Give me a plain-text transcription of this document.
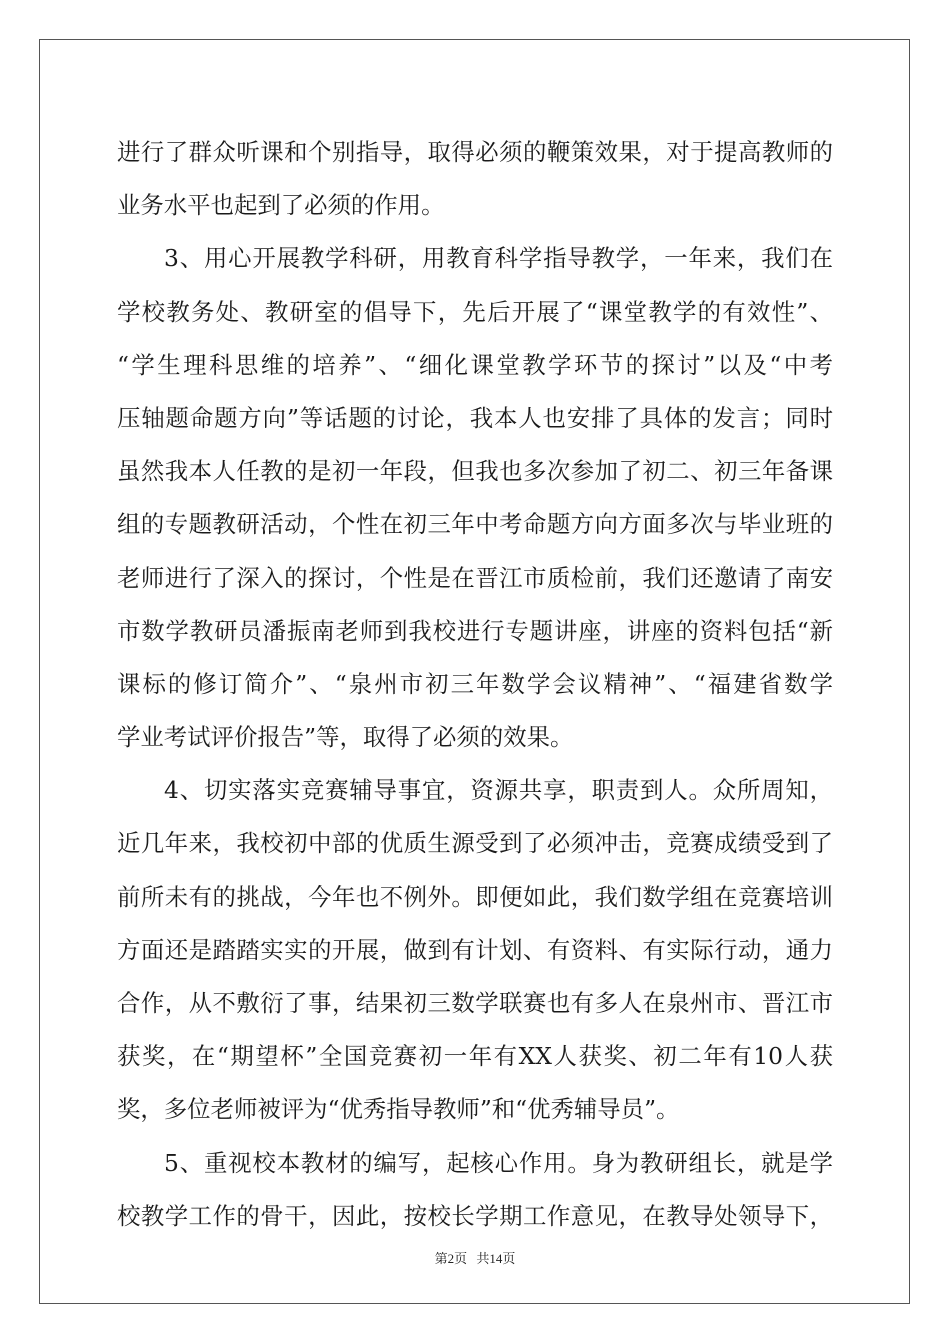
进行了群众听课和个别指导，取得必须的鞭策效果，对于提高教师的
业务水平也起到了必须的作用。
3、用心开展教学科研，用教育科学指导教学，一年来，我们在
学校教务处、教研室的倡导下，先后开展了“课堂教学的有效性”、
“学生理科思维的培养”、“细化课堂教学环节的探讨”以及“中考
压轴题命题方向”等话题的讨论，我本人也安排了具体的发言；同时
虽然我本人任教的是初一年段，但我也多次参加了初二、初三年备课
组的专题教研活动，个性在初三年中考命题方向方面多次与毕业班的
老师进行了深入的探讨，个性是在晋江市质检前，我们还邀请了南安
市数学教研员潘振南老师到我校进行专题讲座，讲座的资料包括“新
课标的修订简介”、“泉州市初三年数学会议精神”、“福建省数学
学业考试评价报告”等，取得了必须的效果。
4、切实落实竞赛辅导事宜，资源共享，职责到人。众所周知，
近几年来，我校初中部的优质生源受到了必须冲击，竞赛成绩受到了
前所未有的挑战，今年也不例外。即便如此，我们数学组在竞赛培训
方面还是踏踏实实的开展，做到有计划、有资料、有实际行动，通力
合作，从不敷衍了事，结果初三数学联赛也有多人在泉州市、晋江市
获奖，在“期望杯”全国竞赛初一年有XX人获奖、初二年有10人获
奖，多位老师被评为“优秀指导教师”和“优秀辅导员”。
5、重视校本教材的编写，起核心作用。身为教研组长，就是学
校教学工作的骨干，因此，按校长学期工作意见，在教导处领导下，
第2页 共14页
